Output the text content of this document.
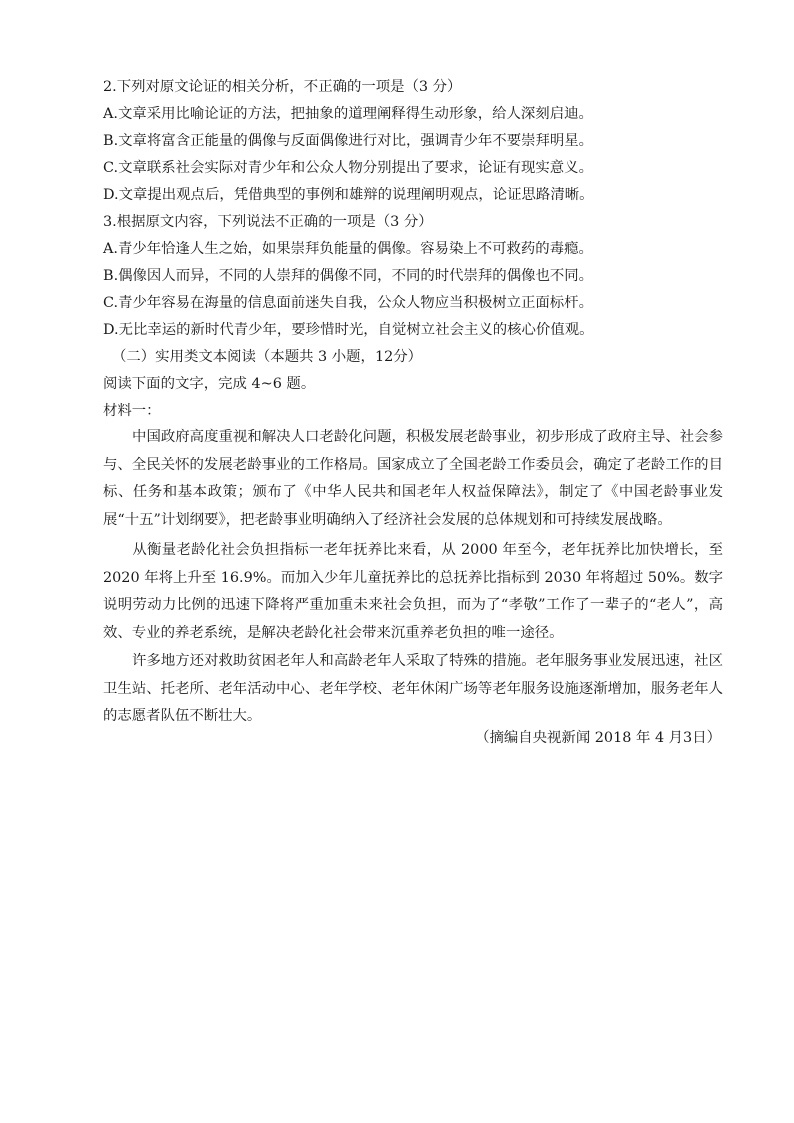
2.下列对原文论证的相关分析，不正确的一项是（3 分）
A.文章采用比喻论证的方法，把抽象的道理阐释得生动形象，给人深刻启迪。
B.文章将富含正能量的偶像与反面偶像进行对比，强调青少年不要崇拜明星。
C.文章联系社会实际对青少年和公众人物分别提出了要求，论证有现实意义。
D.文章提出观点后，凭借典型的事例和雄辩的说理阐明观点，论证思路清晰。
3.根据原文内容，下列说法不正确的一项是（3 分）
A.青少年恰逢人生之始，如果崇拜负能量的偶像。容易染上不可救药的毒瘾。
B.偶像因人而异，不同的人崇拜的偶像不同，不同的时代崇拜的偶像也不同。
C.青少年容易在海量的信息面前迷失自我，公众人物应当积极树立正面标杆。
D.无比幸运的新时代青少年，要珍惜时光，自觉树立社会主义的核心价值观。
（二）实用类文本阅读（本题共 3 小题，12分）
阅读下面的文字，完成 4~6 题。
材料一：
中国政府高度重视和解决人口老龄化问题，积极发展老龄事业，初步形成了政府主导、社会参与、全民关怀的发展老龄事业的工作格局。国家成立了全国老龄工作委员会，确定了老龄工作的目标、任务和基本政策；颁布了《中华人民共和国老年人权益保障法》，制定了《中国老龄事业发展“十五”计划纲要》，把老龄事业明确纳入了经济社会发展的总体规划和可持续发展战略。
从衡量老龄化社会负担指标一老年抚养比来看，从 2000 年至今，老年抚养比加快增长，至 2020 年将上升至 16.9%。而加入少年儿童抚养比的总抚养比指标到 2030 年将超过 50%。数字说明劳动力比例的迅速下降将严重加重未来社会负担，而为了“孝敬”工作了一辈子的“老人”，高效、专业的养老系统，是解决老龄化社会带来沉重养老负担的唯一途径。
许多地方还对救助贫困老年人和高龄老年人采取了特殊的措施。老年服务事业发展迅速，社区卫生站、托老所、老年活动中心、老年学校、老年休闲广场等老年服务设施逐渐增加，服务老年人的志愿者队伍不断壮大。
（摘编自央视新闻 2018 年 4 月3日）
